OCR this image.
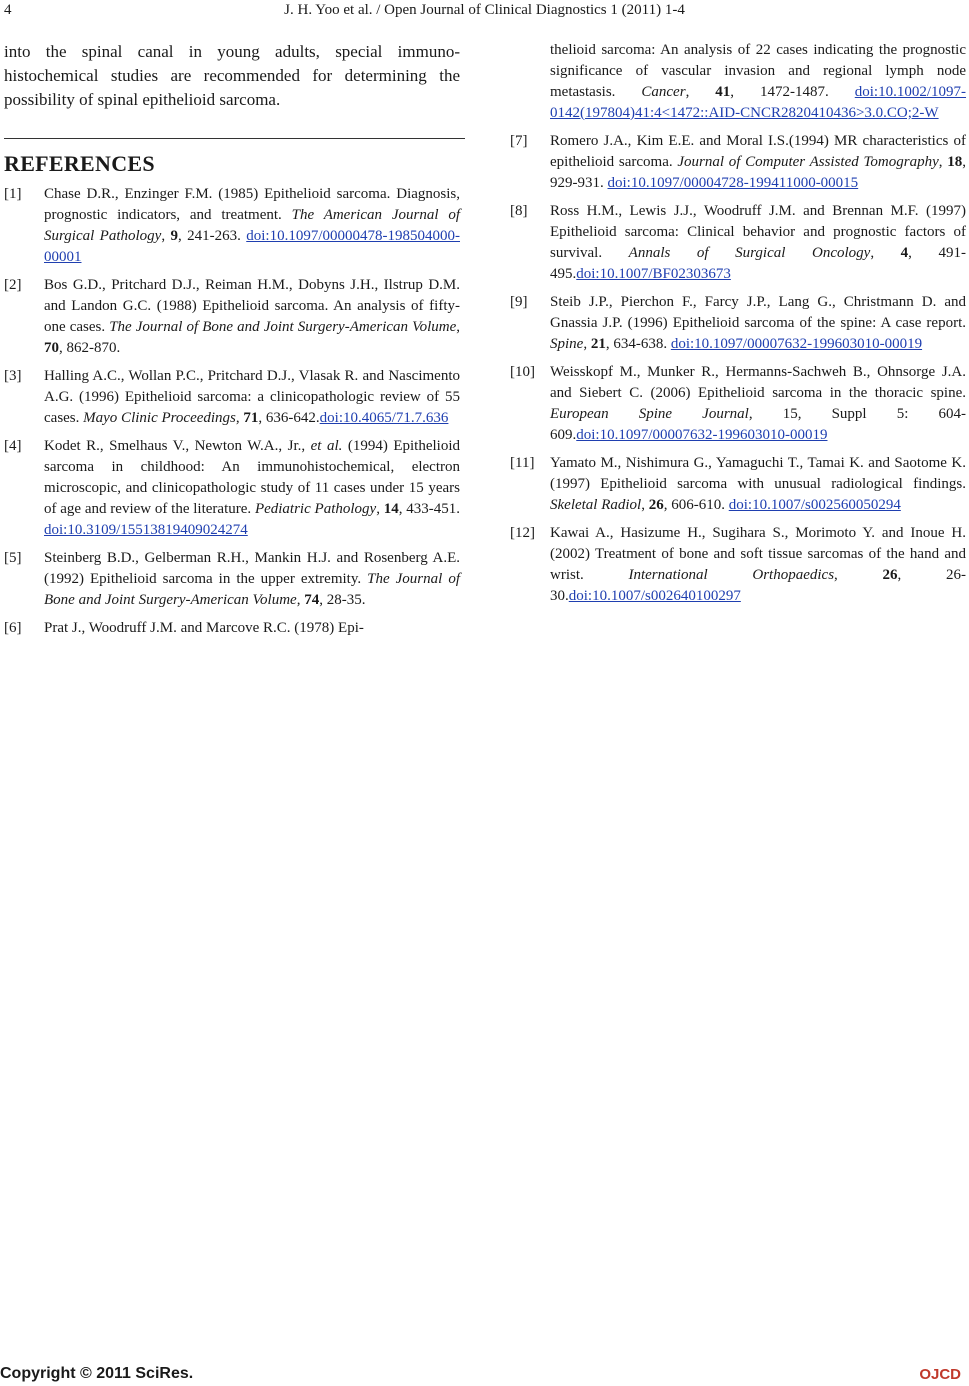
4	J. H. Yoo et al. / Open Journal of Clinical Diagnostics 1 (2011) 1-4

into the spinal canal in young adults, special immuno-histochemical studies are recommended for determining the possibility of spinal epithelioid sarcoma.

REFERENCES
[1] Chase D.R., Enzinger F.M. (1985) Epithelioid sarcoma. Diagnosis, prognostic indicators, and treatment. The American Journal of Surgical Pathology, 9, 241-263. doi:10.1097/00000478-198504000-00001
[2] Bos G.D., Pritchard D.J., Reiman H.M., Dobyns J.H., Ilstrup D.M. and Landon G.C. (1988) Epithelioid sarcoma. An analysis of fifty-one cases. The Journal of Bone and Joint Surgery-American Volume, 70, 862-870.
[3] Halling A.C., Wollan P.C., Pritchard D.J., Vlasak R. and Nascimento A.G. (1996) Epithelioid sarcoma: a clinicopathologic review of 55 cases. Mayo Clinic Proceedings, 71, 636-642.doi:10.4065/71.7.636
[4] Kodet R., Smelhaus V., Newton W.A., Jr., et al. (1994) Epithelioid sarcoma in childhood: An immunohistochemical, electron microscopic, and clinicopathologic study of 11 cases under 15 years of age and review of the literature. Pediatric Pathology, 14, 433-451. doi:10.3109/15513819409024274
[5] Steinberg B.D., Gelberman R.H., Mankin H.J. and Rosenberg A.E. (1992) Epithelioid sarcoma in the upper extremity. The Journal of Bone and Joint Surgery-American Volume, 74, 28-35.
[6] Prat J., Woodruff J.M. and Marcove R.C. (1978) Epi-
thelioid sarcoma: An analysis of 22 cases indicating the prognostic significance of vascular invasion and regional lymph node metastasis. Cancer, 41, 1472-1487. doi:10.1002/1097-0142(197804)41:4<1472::AID-CNCR2820410436>3.0.CO;2-W
[7] Romero J.A., Kim E.E. and Moral I.S.(1994) MR characteristics of epithelioid sarcoma. Journal of Computer Assisted Tomography, 18, 929-931. doi:10.1097/00004728-199411000-00015
[8] Ross H.M., Lewis J.J., Woodruff J.M. and Brennan M.F. (1997) Epithelioid sarcoma: Clinical behavior and prognostic factors of survival. Annals of Surgical Oncology, 4, 491-495.doi:10.1007/BF02303673
[9] Steib J.P., Pierchon F., Farcy J.P., Lang G., Christmann D. and Gnassia J.P. (1996) Epithelioid sarcoma of the spine: A case report. Spine, 21, 634-638. doi:10.1097/00007632-199603010-00019
[10] Weisskopf M., Munker R., Hermanns-Sachweh B., Ohnsorge J.A. and Siebert C. (2006) Epithelioid sarcoma in the thoracic spine. European Spine Journal, 15, Suppl 5: 604-609.doi:10.1097/00007632-199603010-00019
[11] Yamato M., Nishimura G., Yamaguchi T., Tamai K. and Saotome K. (1997) Epithelioid sarcoma with unusual radiological findings. Skeletal Radiol, 26, 606-610. doi:10.1007/s002560050294
[12] Kawai A., Hasizume H., Sugihara S., Morimoto Y. and Inoue H. (2002) Treatment of bone and soft tissue sarcomas of the hand and wrist. International Orthopaedics, 26, 26-30.doi:10.1007/s002640100297
Copyright © 2011 SciRes.	OJCD
